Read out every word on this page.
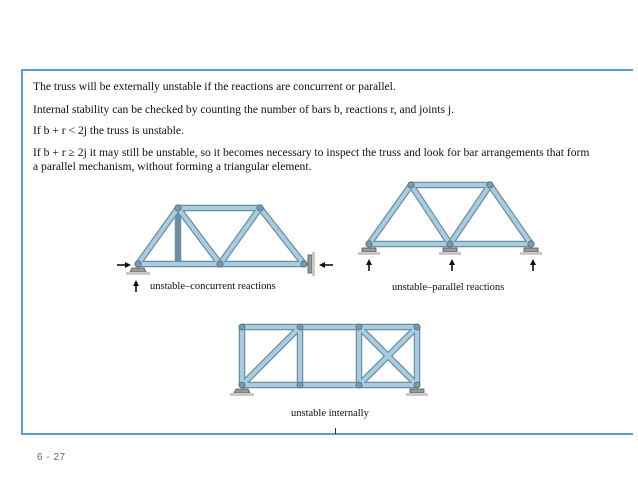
The truss will be externally unstable if the reactions are concurrent or parallel.
Internal stability can be checked by counting the number of bars b, reactions r, and joints j.
If b + r < 2j the truss is unstable.
If b + r ≥ 2j it may still be unstable, so it becomes necessary to inspect the truss and look for bar arrangements that form
a parallel mechanism, without forming a triangular element.
unstable–concurrent reactions	unstable–parallel reactions
unstable internally
6 - 27
